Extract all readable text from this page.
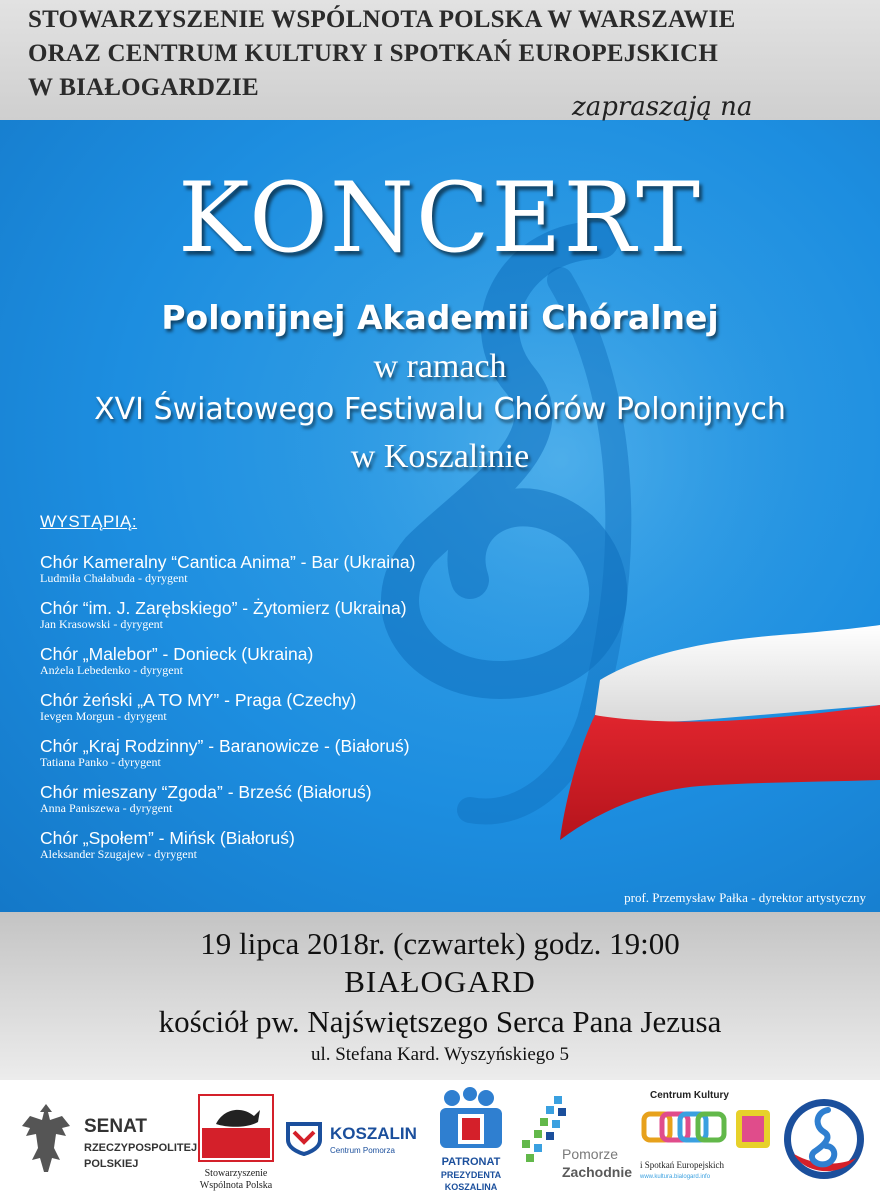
STOWARZYSZENIE WSPÓLNOTA POLSKA W WARSZAWIE
ORAZ CENTRUM KULTURY I SPOTKAŃ EUROPEJSKICH
W BIAŁOGARDZIE
KONCERT
Polonijnej Akademii Chóralnej
w ramach
XVI Światowego Festiwalu Chórów Polonijnych
w Koszalinie
WYSTĄPIĄ:
Chór Kameralny “Cantica Anima” - Bar (Ukraina)
Ludmiła Chałabuda - dyrygent
Chór “im. J. Zarębskiego” - Żytomierz (Ukraina)
Jan Krasowski - dyrygent
Chór „Malebor” - Donieck (Ukraina)
Anżela Lebedenko - dyrygent
Chór żeński „A TO MY” - Praga (Czechy)
Ievgen Morgun - dyrygent
Chór „Kraj Rodzinny” - Baranowicze - (Białoruś)
Tatiana Panko - dyrygent
Chór mieszany “Zgoda” - Brześć (Białoruś)
Anna Paniszewa - dyrygent
Chór „Społem” - Mińsk (Białoruś)
Aleksander Szugajew - dyrygent
prof. Przemysław Pałka - dyrektor artystyczny
zapraszają na
19 lipca 2018r. (czwartek) godz. 19:00
BIAŁOGARD
kościół pw. Najświętszego Serca Pana Jezusa
ul. Stefana Kard. Wyszyńskiego 5
SENAT
RZECZYPOSPOLITEJ
POLSKIEJ
Stowarzyszenie
Wspólnota Polska
KOSZALIN
Centrum Pomorza
PATRONAT
PREZYDENTA
KOSZALINA
Pomorze
Zachodnie
Centrum Kultury
i Spotkań Europejskich
www.kultura.bialogard.info
